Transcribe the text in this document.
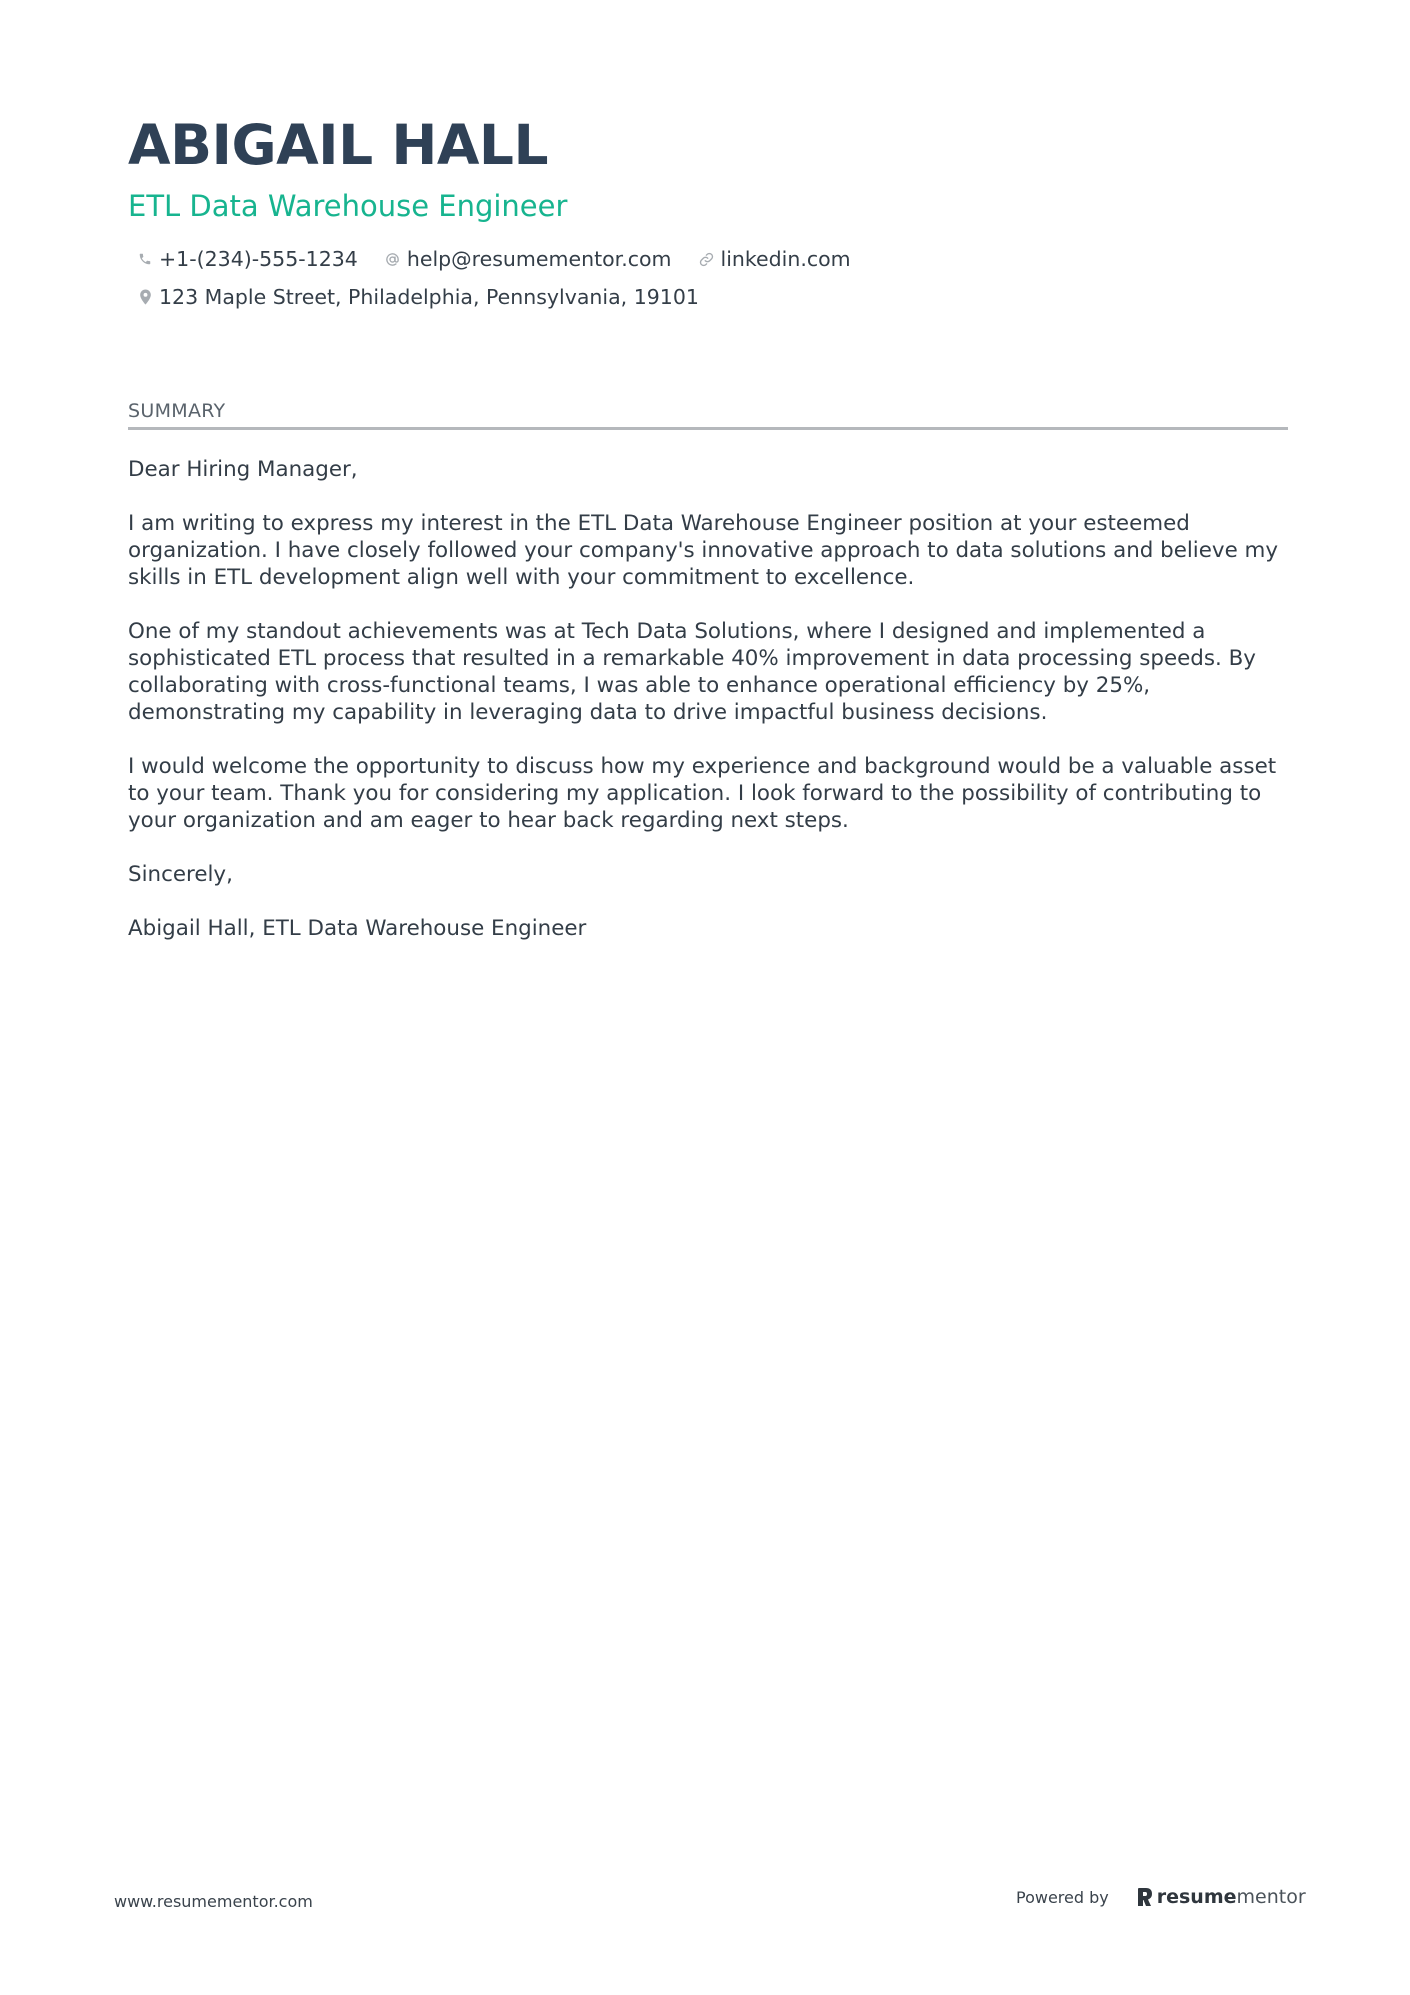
ABIGAIL HALL
ETL Data Warehouse Engineer
+1-(234)-555-1234 help@resumementor.com linkedin.com
123 Maple Street, Philadelphia, Pennsylvania, 19101
SUMMARY

Dear Hiring Manager,

I am writing to express my interest in the ETL Data Warehouse Engineer position at your esteemed organization. I have closely followed your company's innovative approach to data solutions and believe my skills in ETL development align well with your commitment to excellence.

One of my standout achievements was at Tech Data Solutions, where I designed and implemented a sophisticated ETL process that resulted in a remarkable 40% improvement in data processing speeds. By collaborating with cross-functional teams, I was able to enhance operational efficiency by 25%, demonstrating my capability in leveraging data to drive impactful business decisions.

I would welcome the opportunity to discuss how my experience and background would be a valuable asset to your team. Thank you for considering my application. I look forward to the possibility of contributing to your organization and am eager to hear back regarding next steps.

Sincerely,

Abigail Hall, ETL Data Warehouse Engineer

www.resumementor.com	Powered by	resume mentor
